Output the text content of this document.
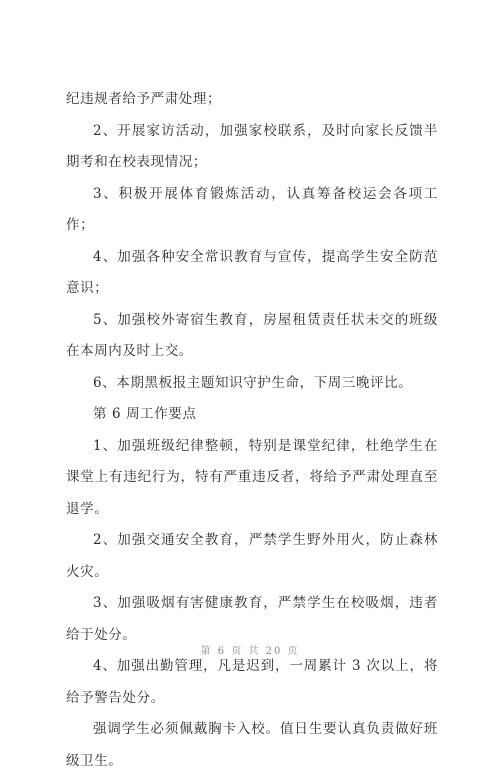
纪违规者给予严肃处理；

2、开展家访活动，加强家校联系，及时向家长反馈半期考和在校表现情况；

3、积极开展体育锻炼活动，认真筹备校运会各项工作；

4、加强各种安全常识教育与宣传，提高学生安全防范意识；

5、加强校外寄宿生教育，房屋租赁责任状未交的班级在本周内及时上交。

6、本期黑板报主题知识守护生命，下周三晚评比。

第 6 周工作要点

1、加强班级纪律整顿，特别是课堂纪律，杜绝学生在课堂上有违纪行为，特有严重违反者，将给予严肃处理直至退学。

2、加强交通安全教育，严禁学生野外用火，防止森林火灾。

3、加强吸烟有害健康教育，严禁学生在校吸烟，违者给于处分。

4、加强出勤管理，凡是迟到，一周累计 3 次以上，将给予警告处分。

强调学生必须佩戴胸卡入校。值日生要认真负责做好班级卫生。

第 6 页 共 20 页
